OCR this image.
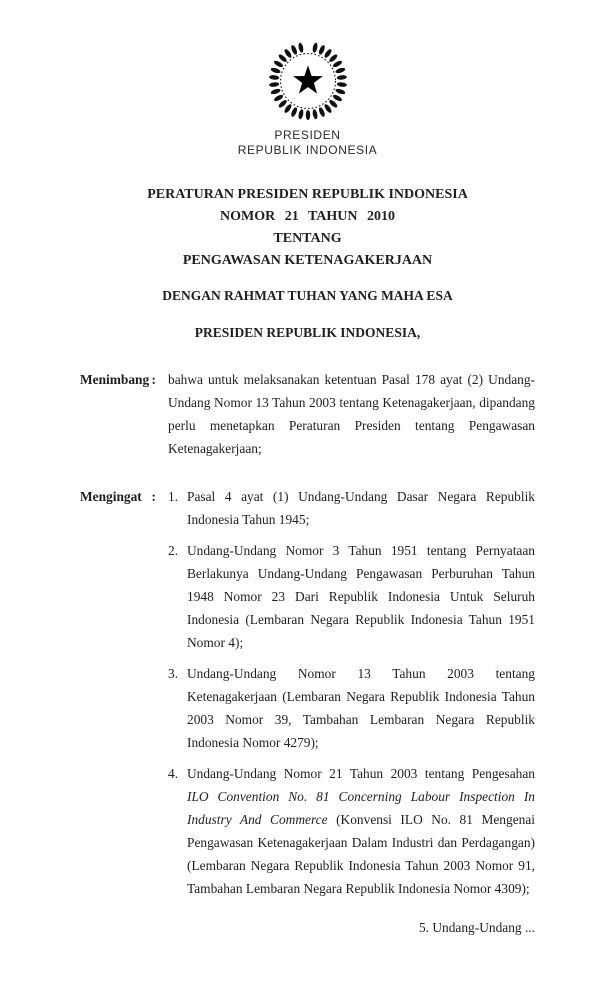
PRESIDEN
REPUBLIK INDONESIA
PERATURAN PRESIDEN REPUBLIK INDONESIA
NOMOR 21 TAHUN 2010
TENTANG
PENGAWASAN KETENAGAKERJAAN

DENGAN RAHMAT TUHAN YANG MAHA ESA

PRESIDEN REPUBLIK INDONESIA,

Menimbang : bahwa untuk melaksanakan ketentuan Pasal 178 ayat (2) Undang-Undang Nomor 13 Tahun 2003 tentang Ketenagakerjaan, dipandang perlu menetapkan Peraturan Presiden tentang Pengawasan Ketenagakerjaan;

Mengingat : 1. Pasal 4 ayat (1) Undang-Undang Dasar Negara Republik Indonesia Tahun 1945;
2. Undang-Undang Nomor 3 Tahun 1951 tentang Pernyataan Berlakunya Undang-Undang Pengawasan Perburuhan Tahun 1948 Nomor 23 Dari Republik Indonesia Untuk Seluruh Indonesia (Lembaran Negara Republik Indonesia Tahun 1951 Nomor 4);
3. Undang-Undang Nomor 13 Tahun 2003 tentang Ketenagakerjaan (Lembaran Negara Republik Indonesia Tahun 2003 Nomor 39, Tambahan Lembaran Negara Republik Indonesia Nomor 4279);
4. Undang-Undang Nomor 21 Tahun 2003 tentang Pengesahan ILO Convention No. 81 Concerning Labour Inspection In Industry And Commerce (Konvensi ILO No. 81 Mengenai Pengawasan Ketenagakerjaan Dalam Industri dan Perdagangan) (Lembaran Negara Republik Indonesia Tahun 2003 Nomor 91, Tambahan Lembaran Negara Republik Indonesia Nomor 4309);
5. Undang-Undang ...
